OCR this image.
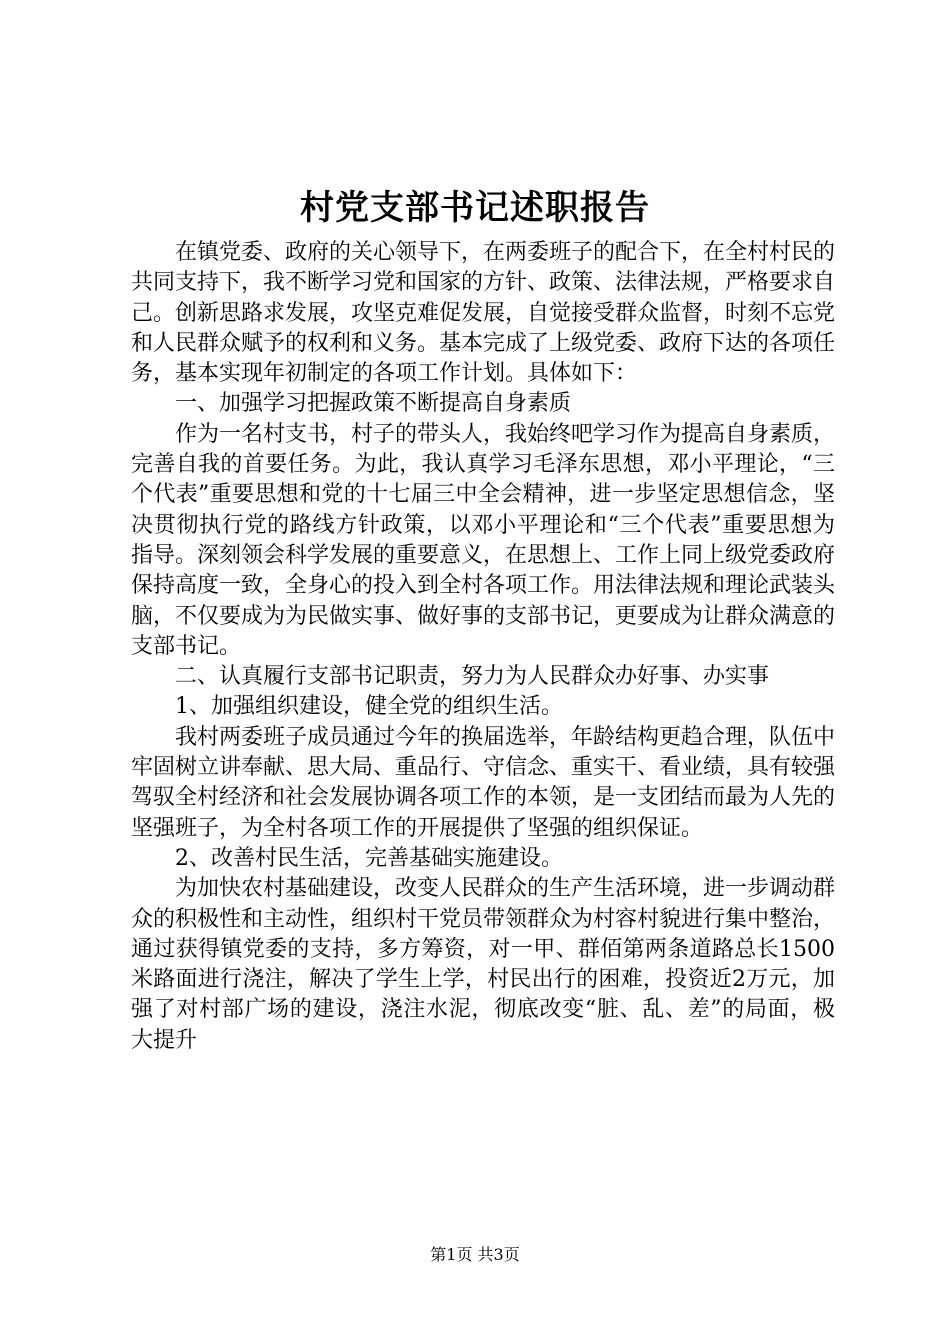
村党支部书记述职报告

在镇党委、政府的关心领导下，在两委班子的配合下，在全村村民的共同支持下，我不断学习党和国家的方针、政策、法律法规，严格要求自己。创新思路求发展，攻坚克难促发展，自觉接受群众监督，时刻不忘党和人民群众赋予的权利和义务。基本完成了上级党委、政府下达的各项任务，基本实现年初制定的各项工作计划。具体如下：

一、加强学习把握政策不断提高自身素质

作为一名村支书，村子的带头人，我始终吧学习作为提高自身素质，完善自我的首要任务。为此，我认真学习毛泽东思想，邓小平理论，“三个代表”重要思想和党的十七届三中全会精神，进一步坚定思想信念，坚决贯彻执行党的路线方针政策，以邓小平理论和“三个代表”重要思想为指导。深刻领会科学发展的重要意义，在思想上、工作上同上级党委政府保持高度一致，全身心的投入到全村各项工作。用法律法规和理论武装头脑，不仅要成为为民做实事、做好事的支部书记，更要成为让群众满意的支部书记。

二、认真履行支部书记职责，努力为人民群众办好事、办实事

1、加强组织建设，健全党的组织生活。

我村两委班子成员通过今年的换届选举，年龄结构更趋合理，队伍中牢固树立讲奉献、思大局、重品行、守信念、重实干、看业绩，具有较强驾驭全村经济和社会发展协调各项工作的本领，是一支团结而最为人先的坚强班子，为全村各项工作的开展提供了坚强的组织保证。

2、改善村民生活，完善基础实施建设。

为加快农村基础建设，改变人民群众的生产生活环境，进一步调动群众的积极性和主动性，组织村干党员带领群众为村容村貌进行集中整治，通过获得镇党委的支持，多方筹资，对一甲、群佰第两条道路总长1500米路面进行浇注，解决了学生上学，村民出行的困难，投资近2万元，加强了对村部广场的建设，浇注水泥，彻底改变“脏、乱、差”的局面，极大提升

第1页 共3页
